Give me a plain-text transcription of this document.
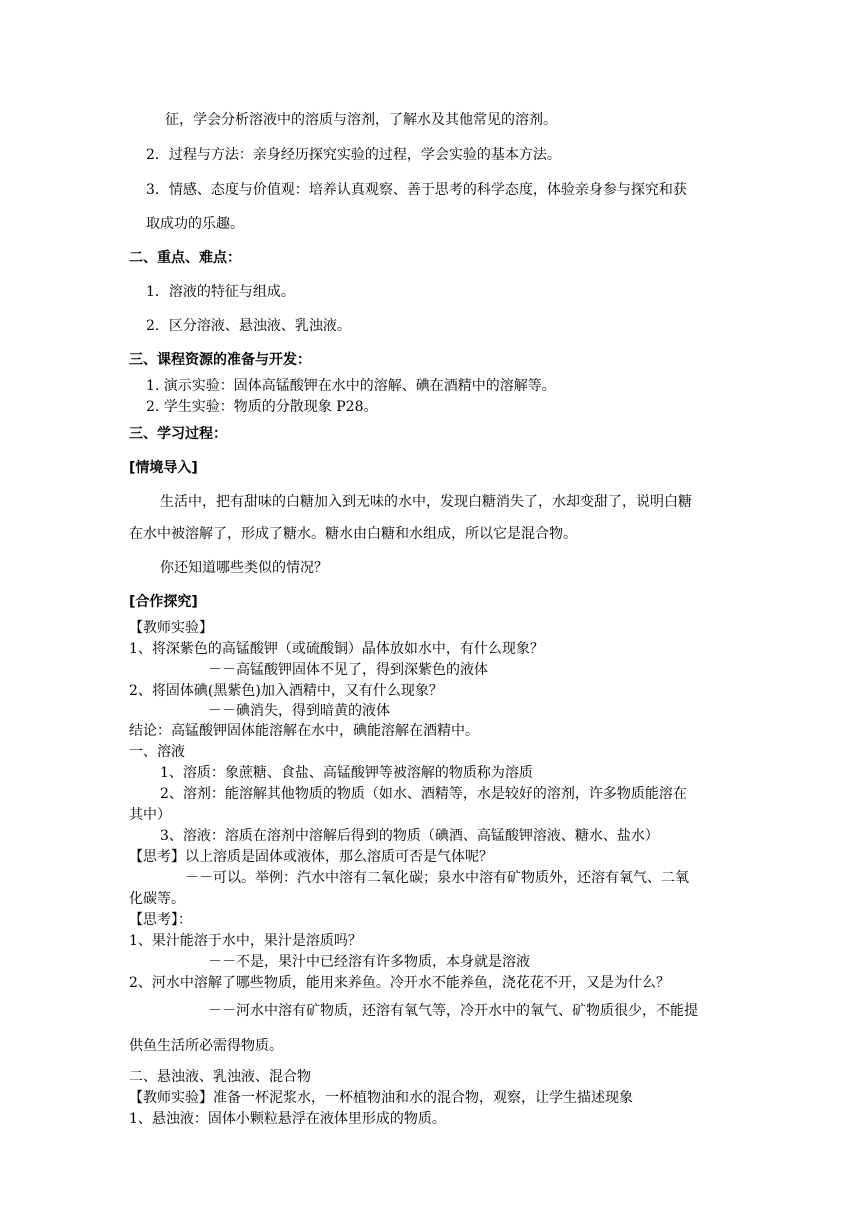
征，学会分析溶液中的溶质与溶剂，了解水及其他常见的溶剂。
2．过程与方法：亲身经历探究实验的过程，学会实验的基本方法。
3．情感、态度与价值观：培养认真观察、善于思考的科学态度，体验亲身参与探究和获
取成功的乐趣。
二、重点、难点：
1．溶液的特征与组成。
2．区分溶液、悬浊液、乳浊液。
三、课程资源的准备与开发：
1. 演示实验：固体高锰酸钾在水中的溶解、碘在酒精中的溶解等。
2. 学生实验：物质的分散现象 P28。
三、学习过程：
[情境导入]
生活中，把有甜味的白糖加入到无味的水中，发现白糖消失了，水却变甜了，说明白糖
在水中被溶解了，形成了糖水。糖水由白糖和水组成，所以它是混合物。
你还知道哪些类似的情况？
[合作探究]
【教师实验】
1、将深紫色的高锰酸钾（或硫酸铜）晶体放如水中，有什么现象？
－－高锰酸钾固体不见了，得到深紫色的液体
2、将固体碘(黑紫色)加入酒精中，又有什么现象？
－－碘消失，得到暗黄的液体
结论：高锰酸钾固体能溶解在水中，碘能溶解在酒精中。
一、溶液
1、溶质：象蔗糖、食盐、高锰酸钾等被溶解的物质称为溶质
2、溶剂：能溶解其他物质的物质（如水、酒精等，水是较好的溶剂，许多物质能溶在
其中）
3、溶液：溶质在溶剂中溶解后得到的物质（碘酒、高锰酸钾溶液、糖水、盐水）
【思考】以上溶质是固体或液体，那么溶质可否是气体呢？
－－可以。举例：汽水中溶有二氧化碳；泉水中溶有矿物质外，还溶有氧气、二氧
化碳等。
【思考】：
1、果汁能溶于水中，果汁是溶质吗？
－－不是，果汁中已经溶有许多物质，本身就是溶液
2、河水中溶解了哪些物质，能用来养鱼。冷开水不能养鱼，浇花花不开，又是为什么？
－－河水中溶有矿物质，还溶有氧气等，冷开水中的氧气、矿物质很少，不能提
供鱼生活所必需得物质。
二、悬浊液、乳浊液、混合物
【教师实验】准备一杯泥浆水，一杯植物油和水的混合物，观察，让学生描述现象
1、悬浊液：固体小颗粒悬浮在液体里形成的物质。
